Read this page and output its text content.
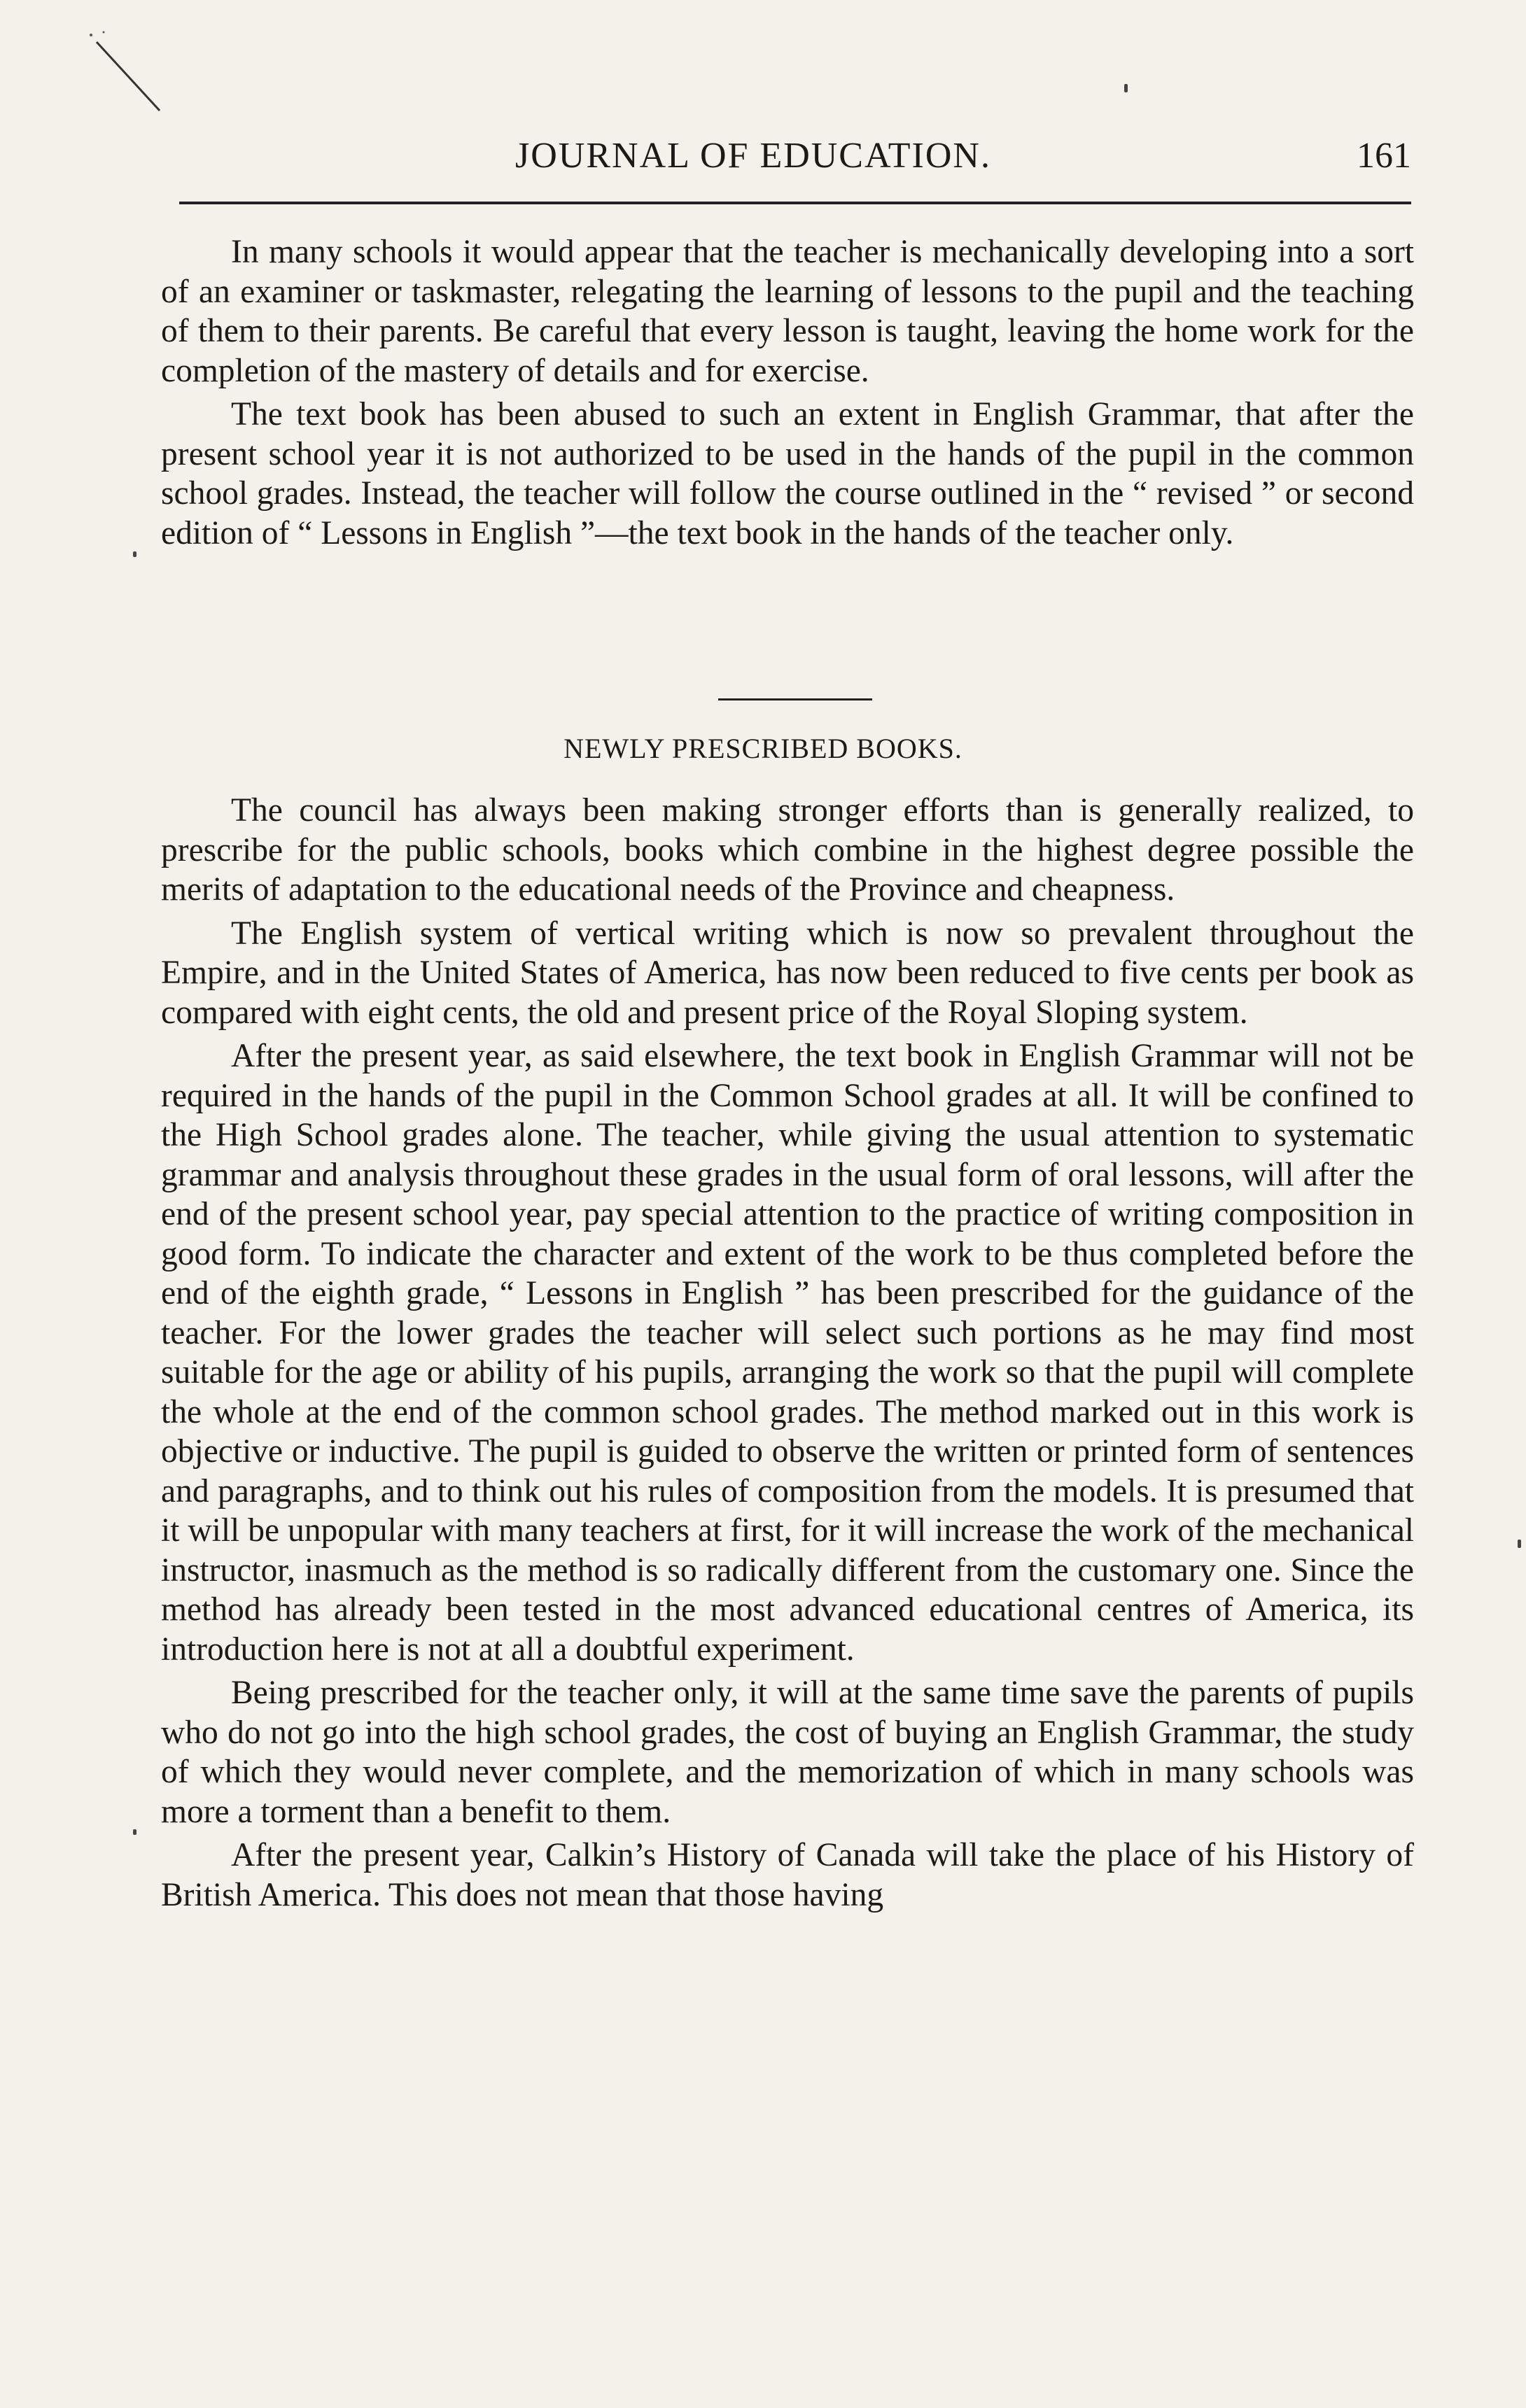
JOURNAL OF EDUCATION.	161

In many schools it would appear that the teacher is mechanically developing into a sort of an examiner or taskmaster, relegating the learning of lessons to the pupil and the teaching of them to their parents. Be careful that every lesson is taught, leaving the home work for the completion of the mastery of details and for exercise.

The text book has been abused to such an extent in English Grammar, that after the present school year it is not authorized to be used in the hands of the pupil in the common school grades. Instead, the teacher will follow the course outlined in the “ revised ” or second edition of “ Lessons in English ”—the text book in the hands of the teacher only.

NEWLY PRESCRIBED BOOKS.

The council has always been making stronger efforts than is generally realized, to prescribe for the public schools, books which combine in the highest degree possible the merits of adaptation to the educational needs of the Province and cheapness.

The English system of vertical writing which is now so prevalent throughout the Empire, and in the United States of America, has now been reduced to five cents per book as compared with eight cents, the old and present price of the Royal Sloping system.

After the present year, as said elsewhere, the text book in English Grammar will not be required in the hands of the pupil in the Common School grades at all. It will be confined to the High School grades alone. The teacher, while giving the usual attention to systematic grammar and analysis throughout these grades in the usual form of oral lessons, will after the end of the present school year, pay special attention to the practice of writing composition in good form. To indicate the character and extent of the work to be thus completed before the end of the eighth grade, “ Lessons in English ” has been prescribed for the guidance of the teacher. For the lower grades the teacher will select such portions as he may find most suitable for the age or ability of his pupils, arranging the work so that the pupil will complete the whole at the end of the common school grades. The method marked out in this work is objective or inductive. The pupil is guided to observe the written or printed form of sentences and paragraphs, and to think out his rules of composition from the models. It is presumed that it will be unpopular with many teachers at first, for it will increase the work of the mechanical instructor, inasmuch as the method is so radically different from the customary one. Since the method has already been tested in the most advanced educational centres of America, its introduction here is not at all a doubtful experiment.

Being prescribed for the teacher only, it will at the same time save the parents of pupils who do not go into the high school grades, the cost of buying an English Grammar, the study of which they would never complete, and the memorization of which in many schools was more a torment than a benefit to them.

After the present year, Calkin’s History of Canada will take the place of his History of British America. This does not mean that those having
